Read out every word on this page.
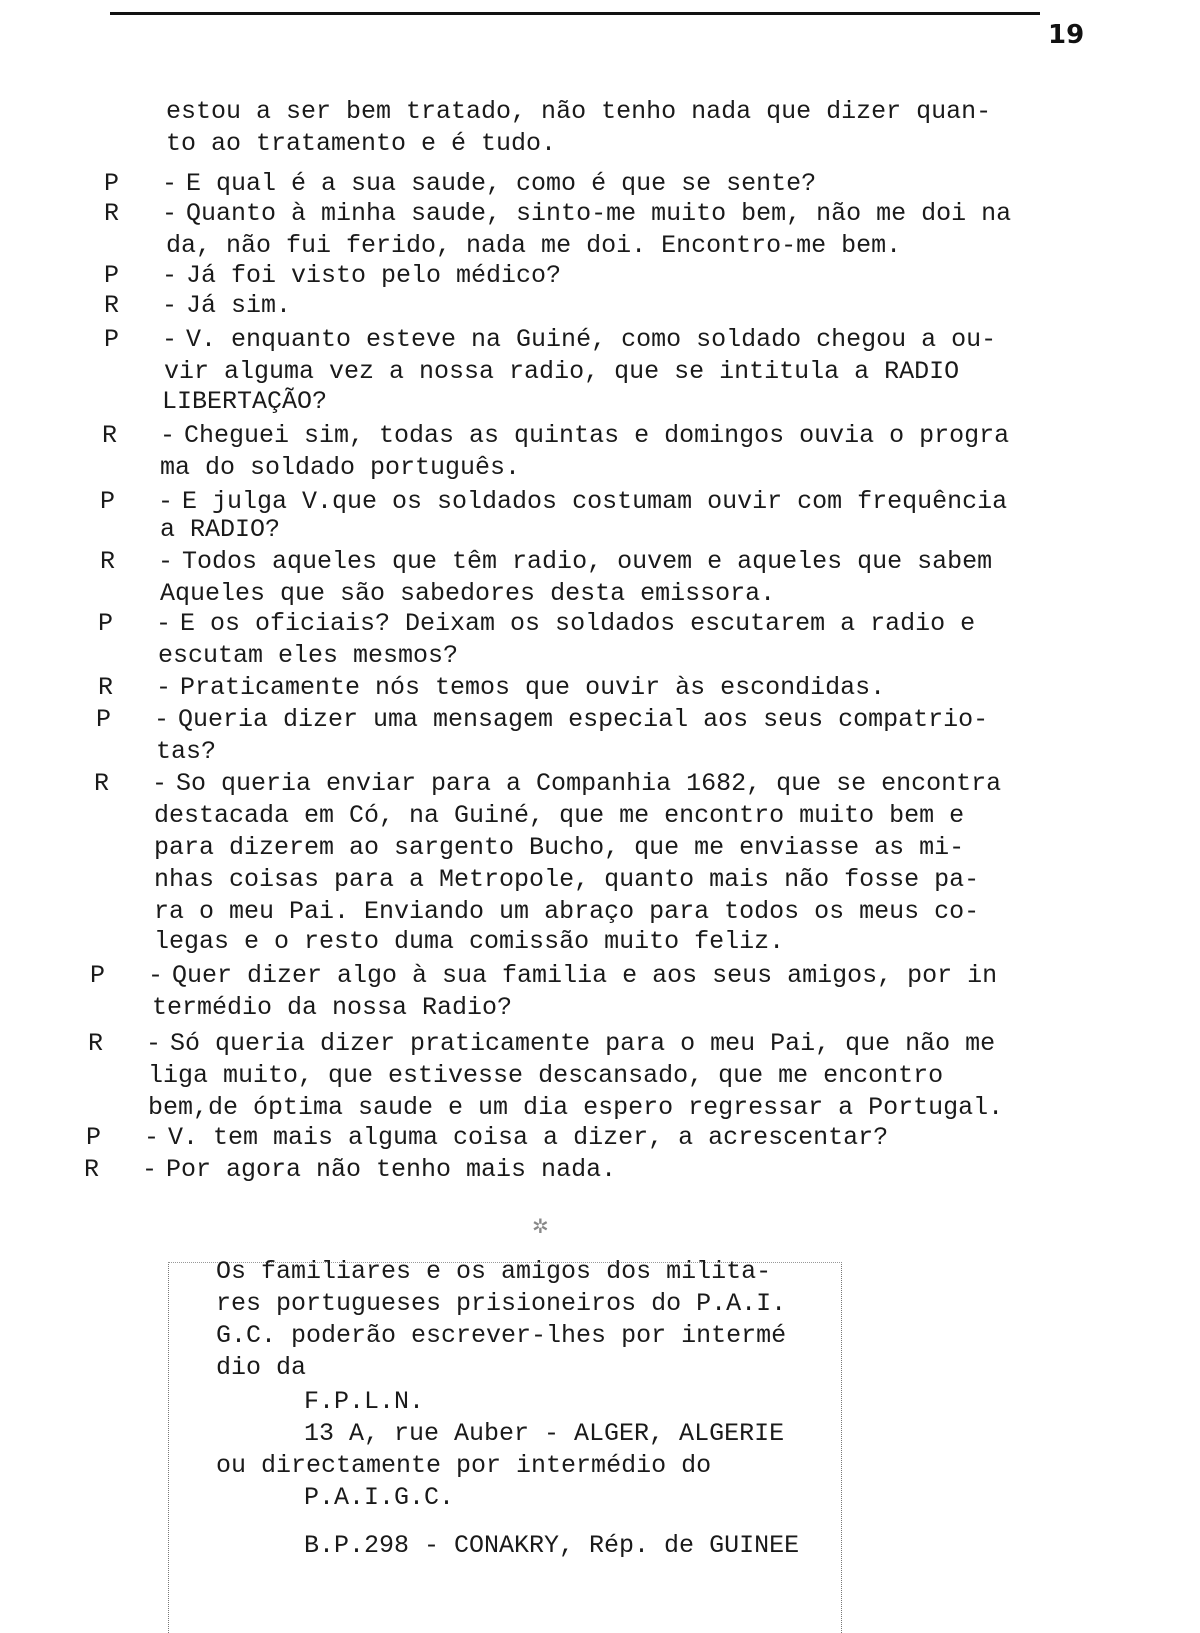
19
estou a ser bem tratado, não tenho nada que dizer quan-
to ao tratamento e é tudo.
P - E qual é a sua saude, como é que se sente?
R - Quanto à minha saude, sinto-me muito bem, não me doi na
da, não fui ferido, nada me doi. Encontro-me bem.
P - Já foi visto pelo médico?
R - Já sim.
P - V. enquanto esteve na Guiné, como soldado chegou a ou-
vir alguma vez a nossa radio, que se intitula a RADIO
LIBERTAÇÃO?
R - Cheguei sim, todas as quintas e domingos ouvia o progra
ma do soldado português.
P - E julga V.que os soldados costumam ouvir com frequência
a RADIO?
R - Todos aqueles que têm radio, ouvem e aqueles que sabem
Aqueles que são sabedores desta emissora.
P - E os oficiais? Deixam os soldados escutarem a radio e
escutam eles mesmos?
R - Praticamente nós temos que ouvir às escondidas.
P - Queria dizer uma mensagem especial aos seus compatrio-
tas?
R - So queria enviar para a Companhia 1682, que se encontra
destacada em Có, na Guiné, que me encontro muito bem e
para dizerem ao sargento Bucho, que me enviasse as mi-
nhas coisas para a Metropole, quanto mais não fosse pa-
ra o meu Pai. Enviando um abraço para todos os meus co-
legas e o resto duma comissão muito feliz.
P - Quer dizer algo à sua familia e aos seus amigos, por in
termédio da nossa Radio?
R - Só queria dizer praticamente para o meu Pai, que não me
liga muito, que estivesse descansado, que me encontro
bem,de óptima saude e um dia espero regressar a Portugal.
P - V. tem mais alguma coisa a dizer, a acrescentar?
R - Por agora não tenho mais nada.
✲
Os familiares e os amigos dos milita-
res portugueses prisioneiros do P.A.I.
G.C. poderão escrever-lhes por intermé
dio da
F.P.L.N.
13 A, rue Auber - ALGER, ALGERIE
ou directamente por intermédio do
P.A.I.G.C.
B.P.298 - CONAKRY, Rép. de GUINEE
